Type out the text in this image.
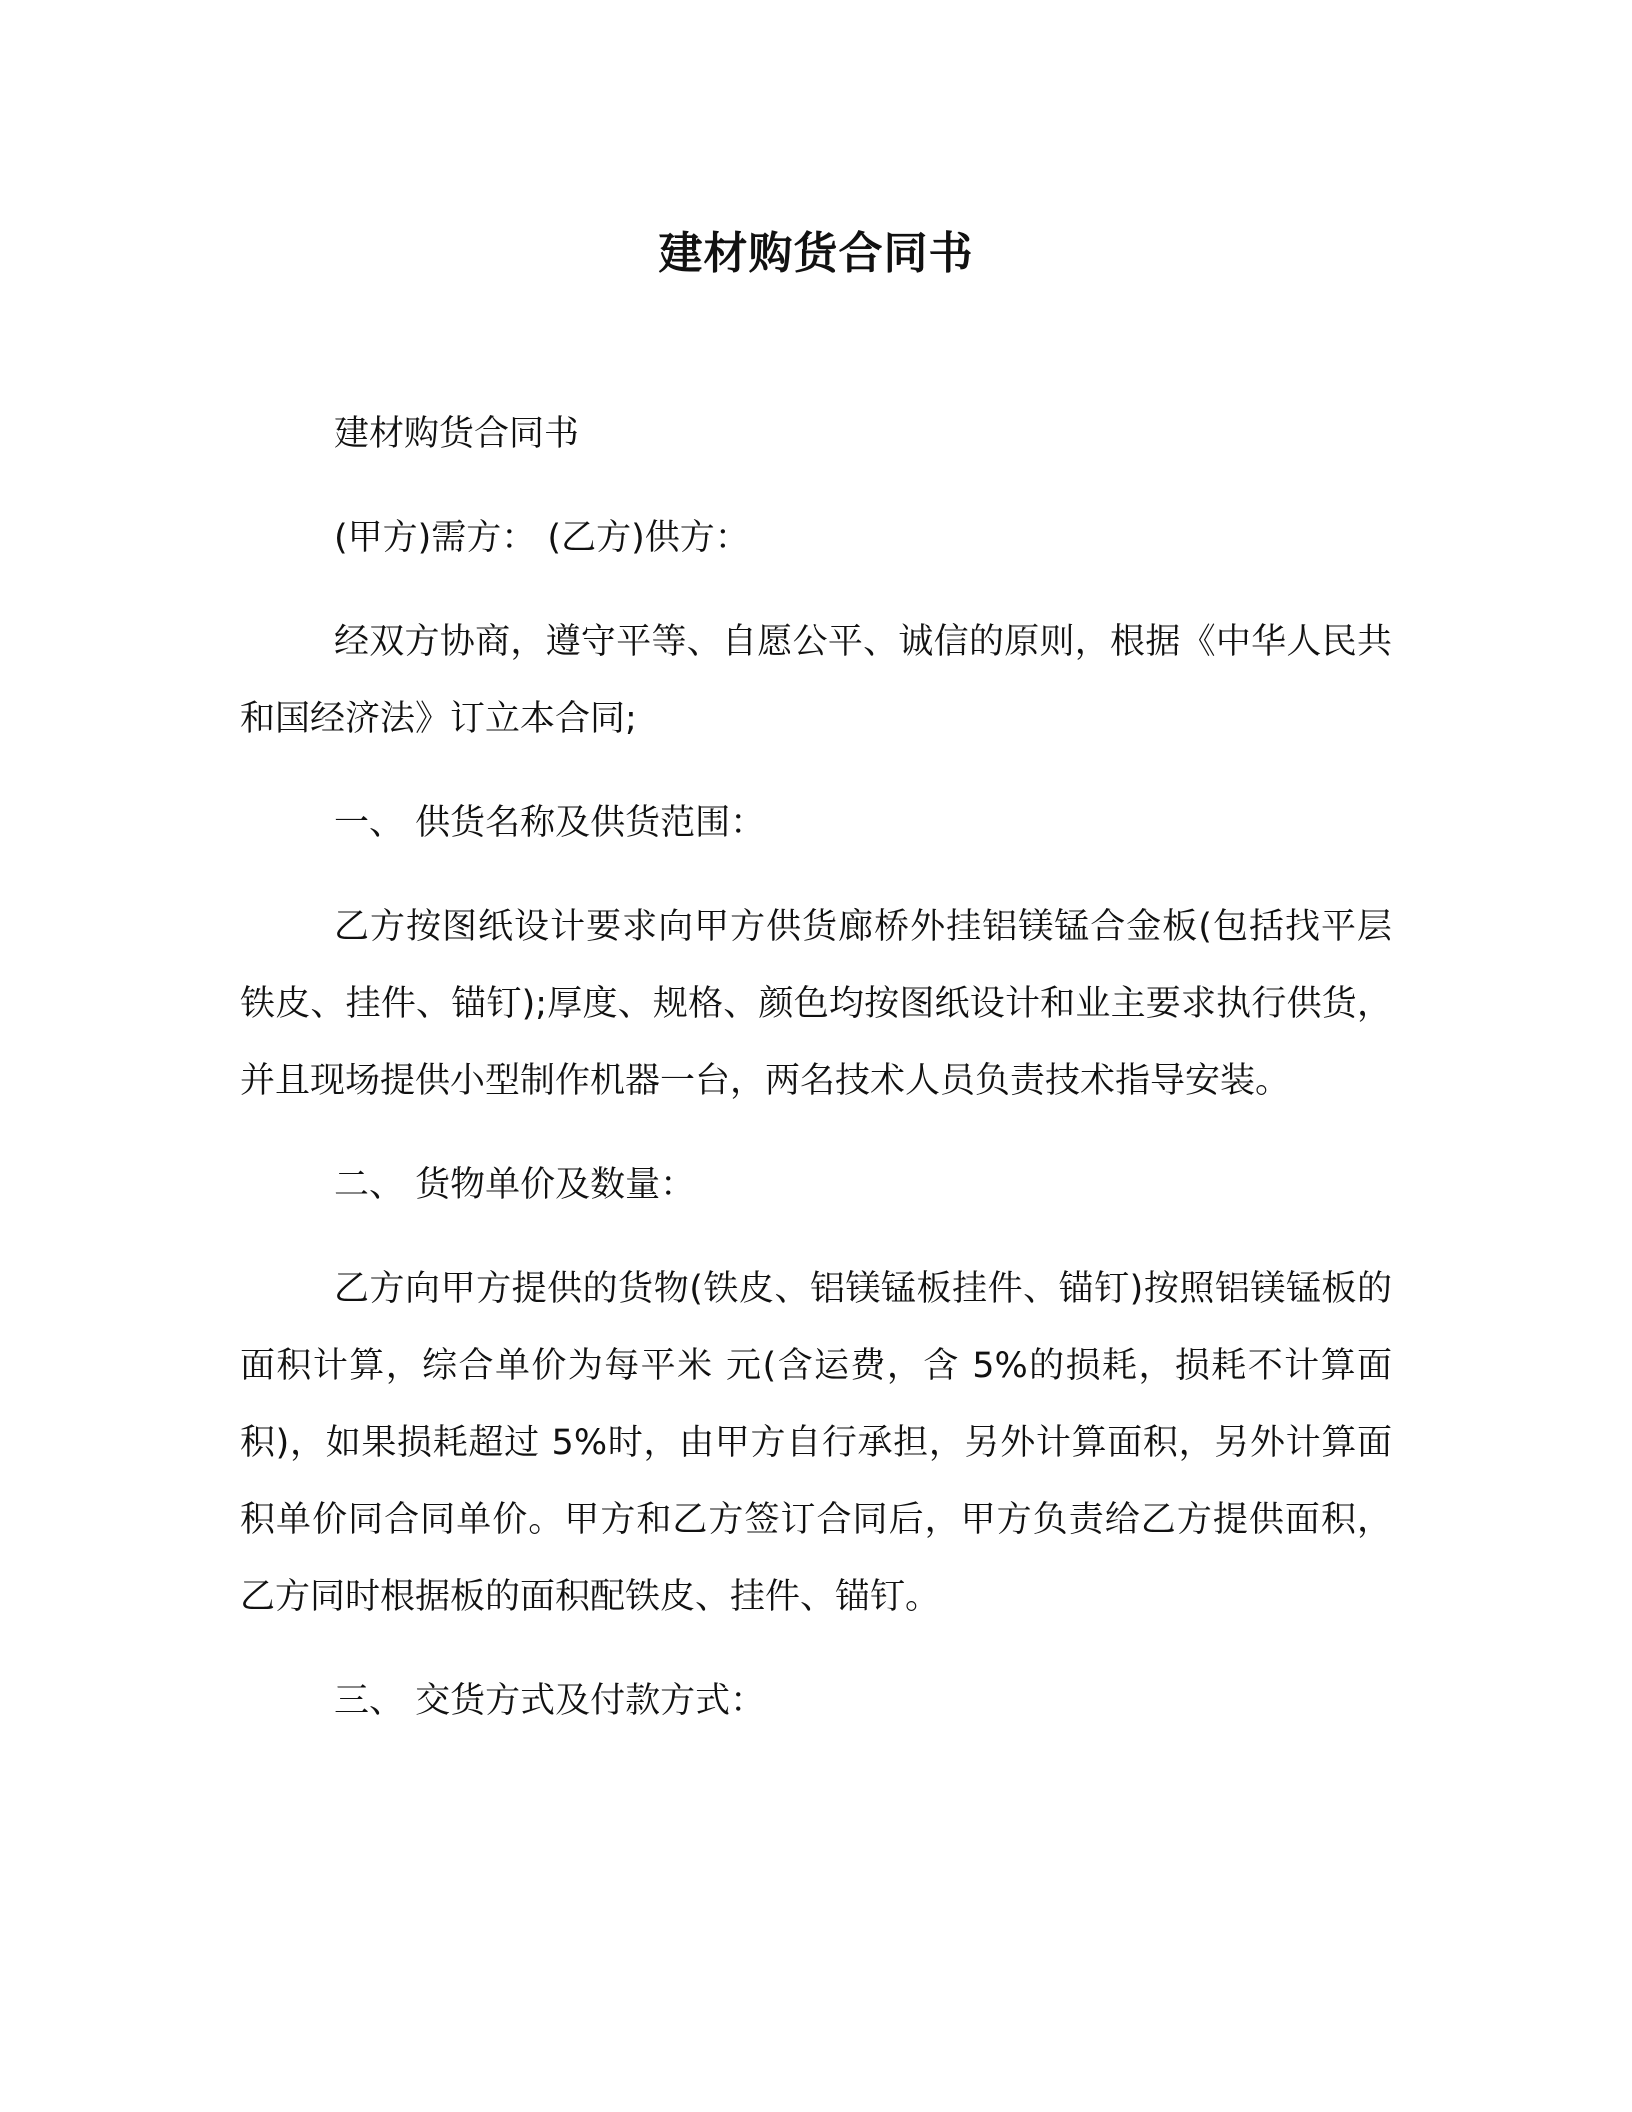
建材购货合同书

建材购货合同书

(甲方)需方： (乙方)供方：

经双方协商，遵守平等、自愿公平、诚信的原则，根据《中华人民共和国经济法》订立本合同;

一、 供货名称及供货范围：

乙方按图纸设计要求向甲方供货廊桥外挂铝镁锰合金板(包括找平层铁皮、挂件、锚钉);厚度、规格、颜色均按图纸设计和业主要求执行供货，并且现场提供小型制作机器一台，两名技术人员负责技术指导安装。

二、 货物单价及数量：

乙方向甲方提供的货物(铁皮、铝镁锰板挂件、锚钉)按照铝镁锰板的面积计算，综合单价为每平米 元(含运费，含 5%的损耗，损耗不计算面积)，如果损耗超过 5%时，由甲方自行承担，另外计算面积，另外计算面积单价同合同单价。甲方和乙方签订合同后，甲方负责给乙方提供面积，乙方同时根据板的面积配铁皮、挂件、锚钉。

三、 交货方式及付款方式：
